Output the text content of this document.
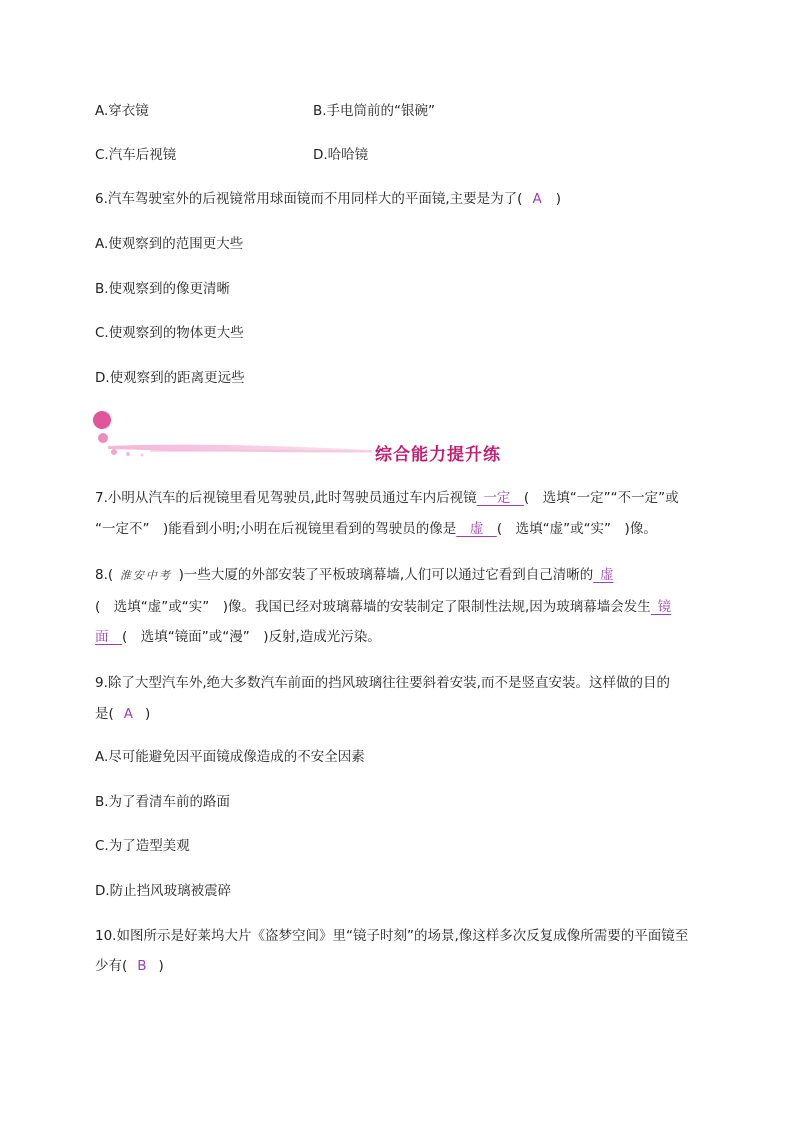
A.穿衣镜	B.手电筒前的“银碗”
C.汽车后视镜	D.哈哈镜
6.汽车驾驶室外的后视镜常用球面镜而不用同样大的平面镜,主要是为了( A )
A.使观察到的范围更大些
B.使观察到的像更清晰
C.使观察到的物体更大些
D.使观察到的距离更远些
综合能力提升练
7.小明从汽车的后视镜里看见驾驶员,此时驾驶员通过车内后视镜  一定   (　选填“一定”“不一定”或
“一定不”　)能看到小明;小明在后视镜里看到的驾驶员的像是   虚   (　选填“虚”或“实”　)像。
8.(  淮安中考  )一些大厦的外部安装了平板玻璃幕墙,人们可以通过它看到自己清晰的  虚
(　选填“虚”或“实”　)像。我国已经对玻璃幕墙的安装制定了限制性法规,因为玻璃幕墙会发生  镜
面   (　选填“镜面”或“漫”　)反射,造成光污染。
9.除了大型汽车外,绝大多数汽车前面的挡风玻璃往往要斜着安装,而不是竖直安装。这样做的目的
是( A )
A.尽可能避免因平面镜成像造成的不安全因素
B.为了看清车前的路面
C.为了造型美观
D.防止挡风玻璃被震碎
10.如图所示是好莱坞大片《盗梦空间》里“镜子时刻”的场景,像这样多次反复成像所需要的平面镜至
少有( B )
